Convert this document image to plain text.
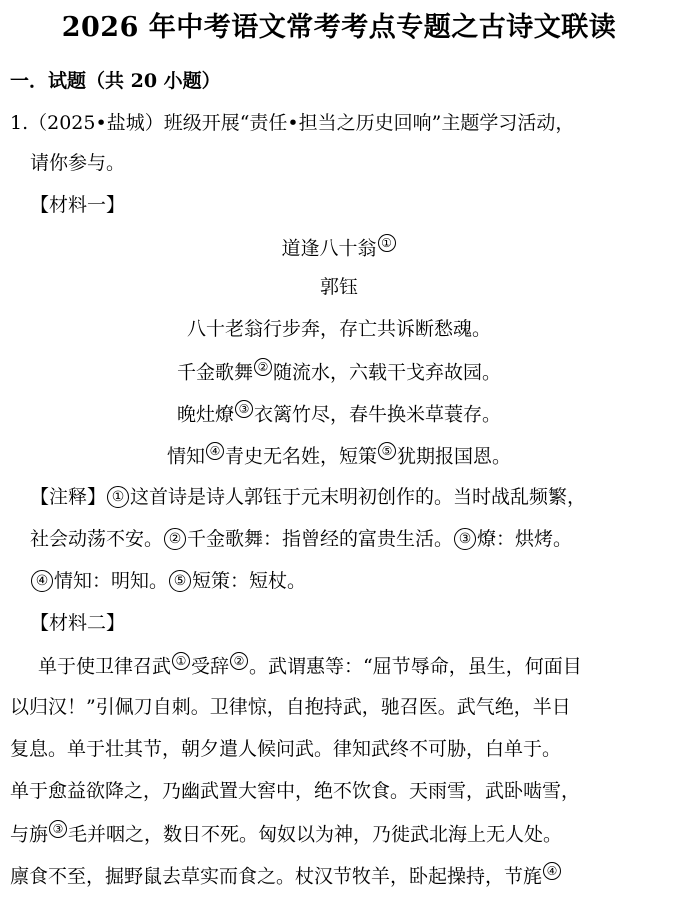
2026 年中考语文常考考点专题之古诗文联读
一．试题（共 20 小题）
1.（2025•盐城）班级开展“责任•担当之历史回响”主题学习活动，
请你参与。
【材料一】
道逢八十翁 ①
郭钰
八十老翁行步奔，存亡共诉断愁魂。
千金歌舞 ② 随流水，六载干戈弃故园。
晚灶燎 ③ 衣篱竹尽，春牛换米草蓑存。
情知 ④ 青史无名姓，短策 ⑤ 犹期报国恩。
【注释】 ① 这首诗是诗人郭钰于元末明初创作的。当时战乱频繁，
社会动荡不安。 ② 千金歌舞：指曾经的富贵生活。 ③ 燎：烘烤。
④ 情知：明知。 ⑤ 短策：短杖。
【材料二】
单于使卫律召武 ① 受辞 ② 。武谓惠等：“屈节辱命，虽生，何面目
以归汉！”引佩刀自刺。卫律惊，自抱持武，驰召医。武气绝，半日
复息。单于壮其节，朝夕遣人候问武。律知武终不可胁，白单于。
单于愈益欲降之，乃幽武置大窖中，绝不饮食。天雨雪，武卧啮雪，
与旃 ③ 毛并咽之，数日不死。匈奴以为神，乃徙武北海上无人处。
廪食不至，掘野鼠去草实而食之。杖汉节牧羊，卧起操持，节旄 ④
